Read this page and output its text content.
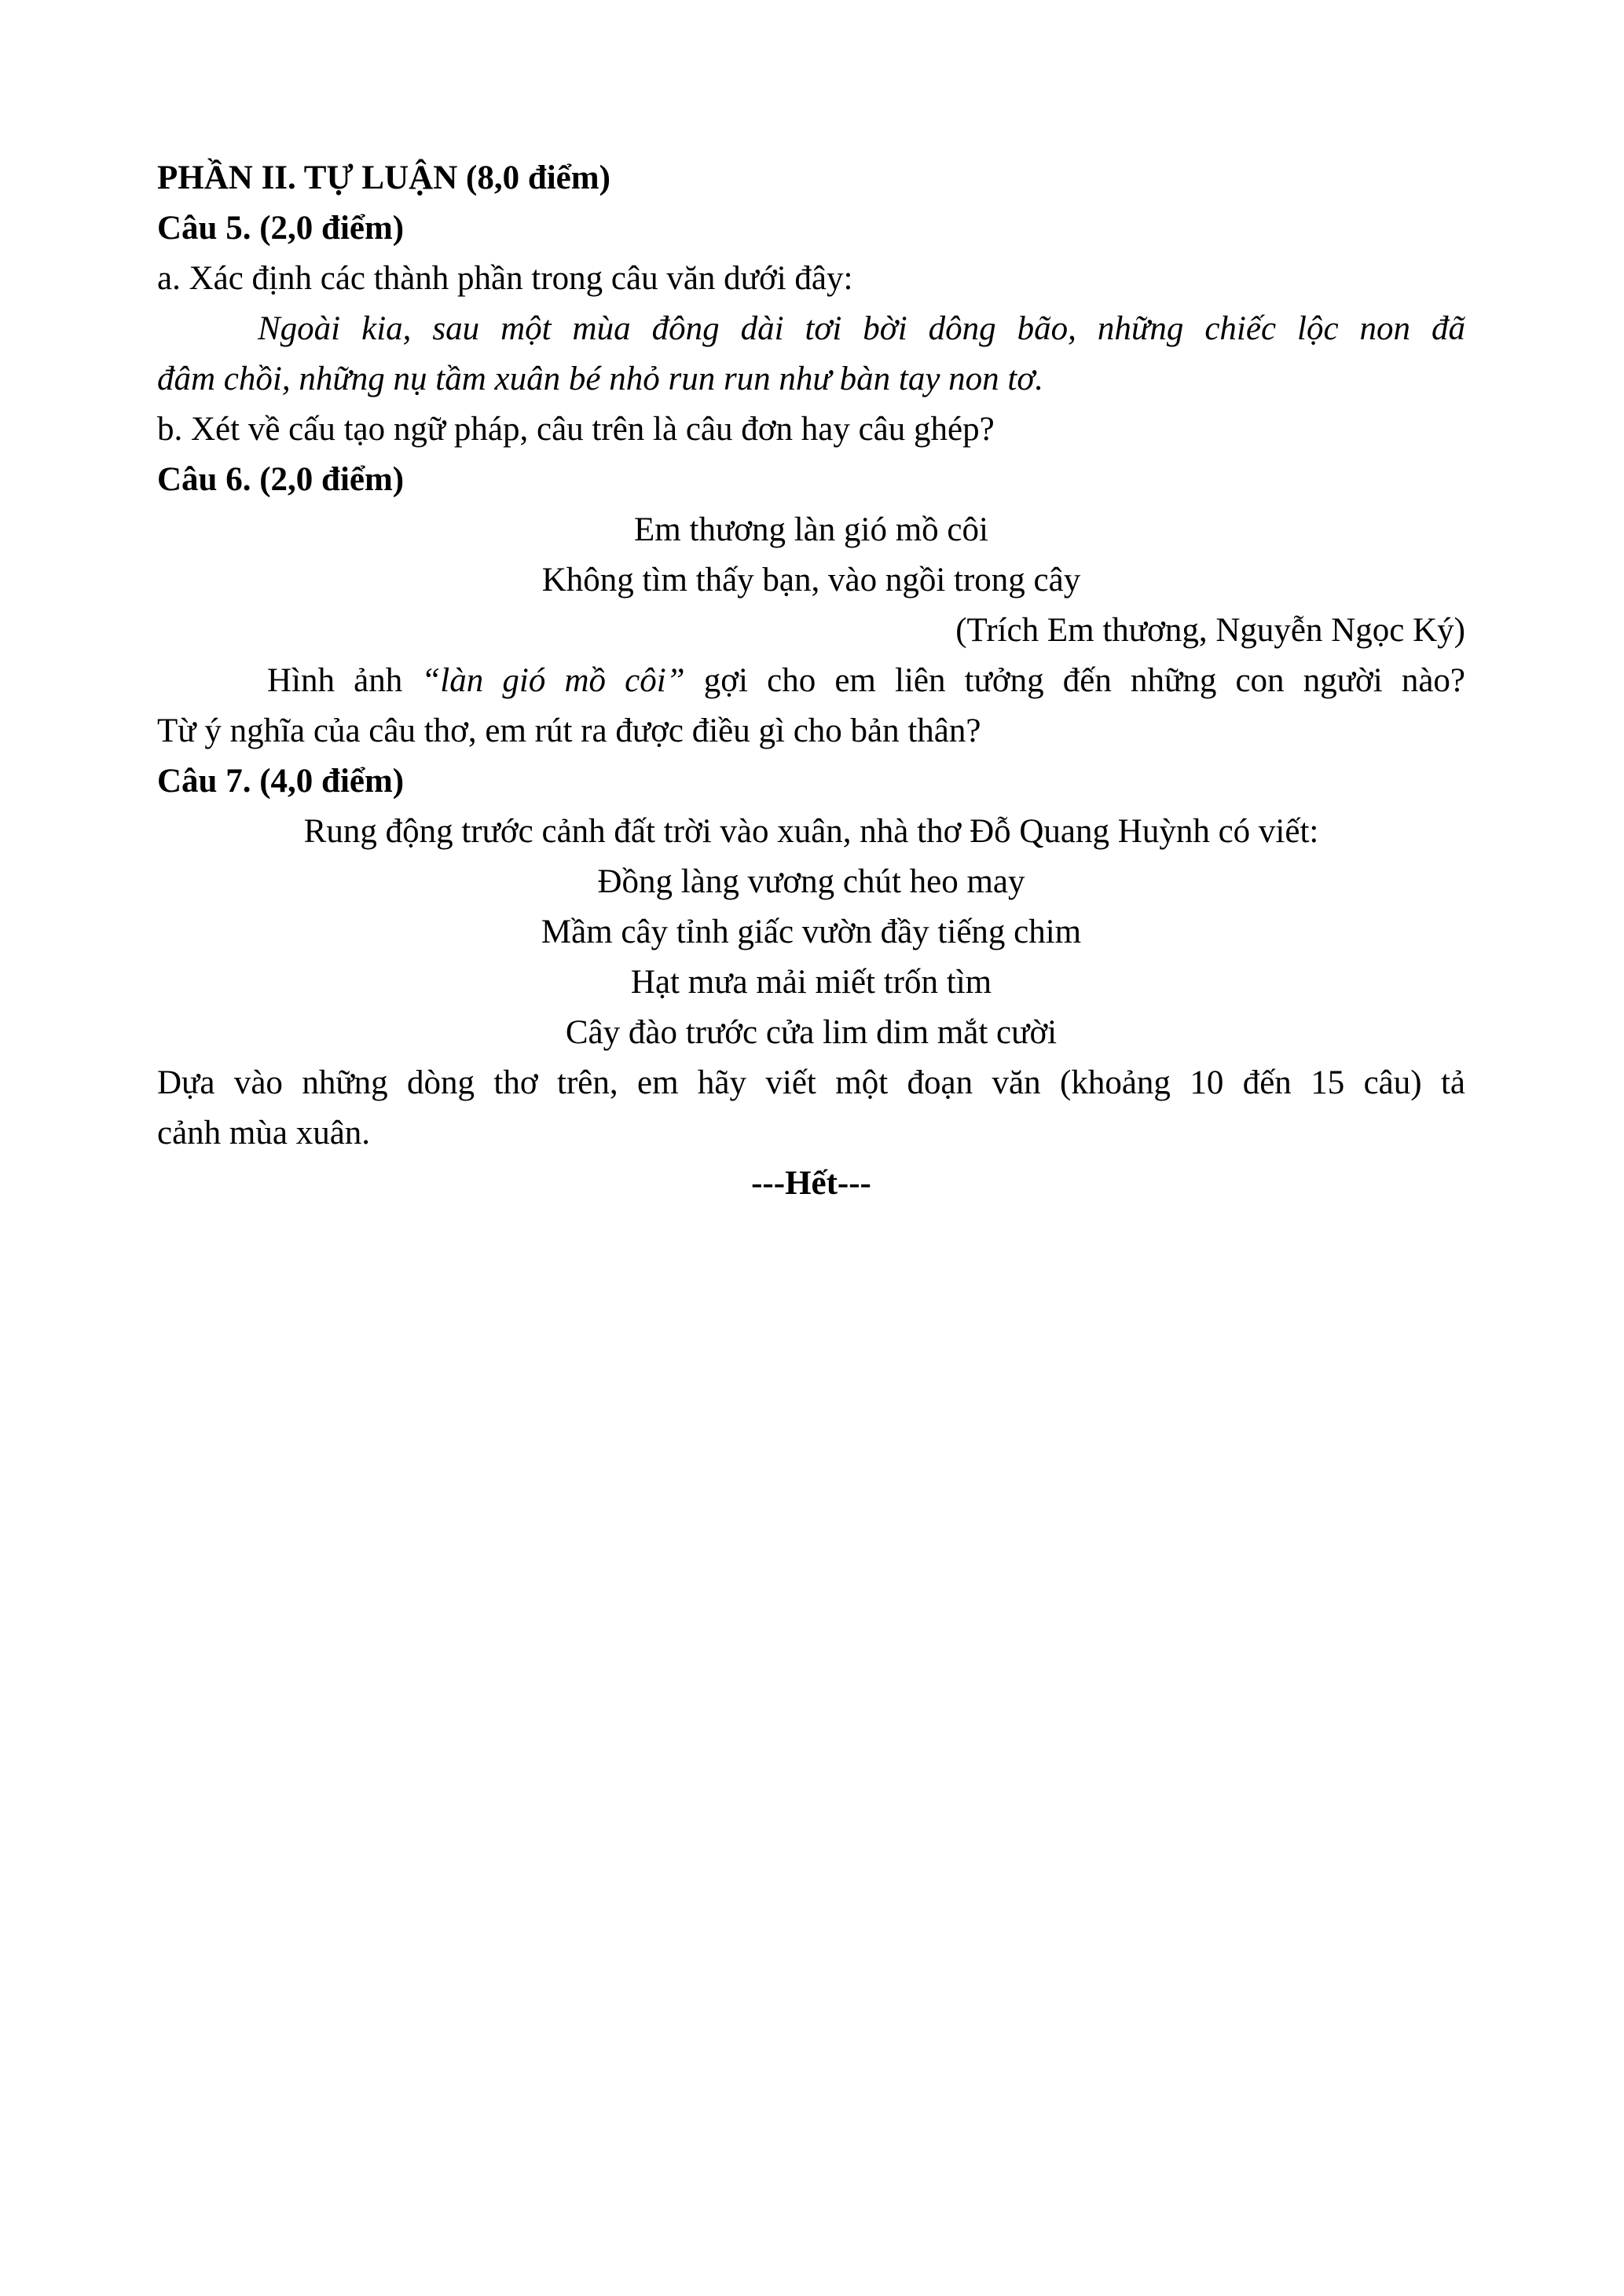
PHẦN II. TỰ LUẬN (8,0 điểm)
Câu 5. (2,0 điểm)
a. Xác định các thành phần trong câu văn dưới đây:
Ngoài kia, sau một mùa đông dài tơi bời dông bão, những chiếc lộc non đã
đâm chồi, những nụ tầm xuân bé nhỏ run run như bàn tay non tơ.
b. Xét về cấu tạo ngữ pháp, câu trên là câu đơn hay câu ghép?
Câu 6. (2,0 điểm)
Em thương làn gió mồ côi
Không tìm thấy bạn, vào ngồi trong cây
(Trích Em thương, Nguyễn Ngọc Ký)
Hình ảnh “làn gió mồ côi” gợi cho em liên tưởng đến những con người nào?
Từ ý nghĩa của câu thơ, em rút ra được điều gì cho bản thân?
Câu 7. (4,0 điểm)
Rung động trước cảnh đất trời vào xuân, nhà thơ Đỗ Quang Huỳnh có viết:
Đồng làng vương chút heo may
Mầm cây tỉnh giấc vườn đầy tiếng chim
Hạt mưa mải miết trốn tìm
Cây đào trước cửa lim dim mắt cười
Dựa vào những dòng thơ trên, em hãy viết một đoạn văn (khoảng 10 đến 15 câu) tả
cảnh mùa xuân.
---Hết---
